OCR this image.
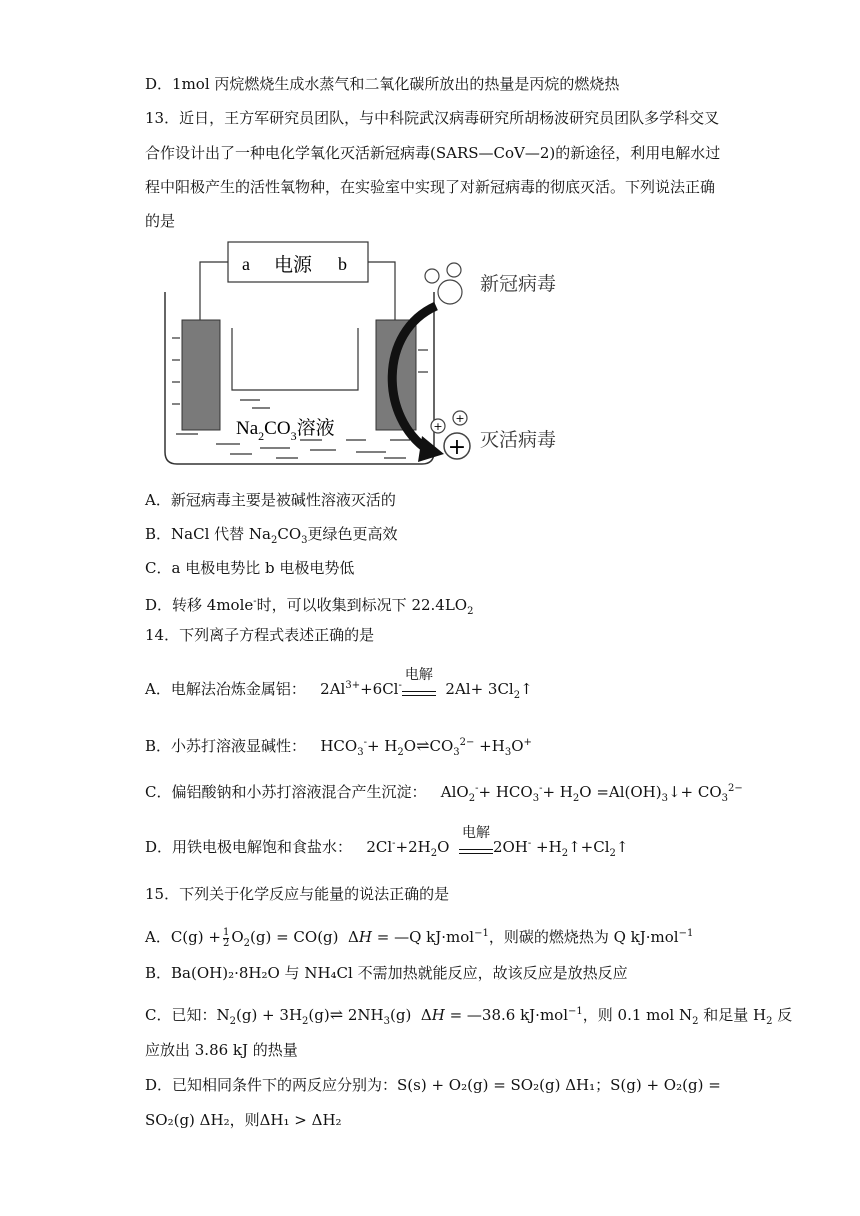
D．1mol 丙烷燃烧生成水蒸气和二氧化碳所放出的热量是丙烷的燃烧热
13．近日，王方军研究员团队，与中科院武汉病毒研究所胡杨波研究员团队多学科交叉
合作设计出了一种电化学氧化灭活新冠病毒(SARS—CoV—2)的新途径，利用电解水过
程中阳极产生的活性氧物种，在实验室中实现了对新冠病毒的彻底灭活。下列说法正确
的是
a 电源 b
$Na_2CO_3$溶液
新冠病毒
+
+
+ 灭活病毒
A．新冠病毒主要是被碱性溶液灭活的
B．NaCl 代替 $Na_2CO_3$更绿色更高效
C．a 电极电势比 b 电极电势低
D．转移 4mole-时，可以收集到标况下 $22.4LO_2$
14．下列离子方程式表述正确的是
A．电解法冶炼金属铝：   $2Al^{3+}+6Cl^-$
电解
$2Al+ 3Cl_2↑$
B．小苏打溶液显碱性：   $HCO_3^-+$ $H_2O\rightleftharpoons CO_3^{2-} +H_3O^+$
C．偏铝酸钠和小苏打溶液混合产生沉淀：   $AlO_2^-+ HCO_3^-+ H_2O$ $=Al(OH)_3↓+ CO_3^{2-}$
D．用铁电极电解饱和食盐水：   $2Cl^-+2H_2O$
电解
$2OH^- +H_2↑+Cl_2↑$
15．下列关于化学反应与能量的说法正确的是
A．$C(g) + \frac{1}{2} O_2(g) = CO(g) \Delta H$ = —Q kJ·mol$^{-1}$，则碳的燃烧热为 Q kJ·mol$^{-1}$
B．Ba(OH)₂·8H₂O 与 NH₄Cl 不需加热就能反应，故该反应是放热反应
C．已知：$N_2(g)$ + $3H_2(g)\rightleftharpoons$ $2NH_3(g) \Delta H$ = —38.6 kJ·mol$^{-1}$，则 0.1 mol $N_2$ 和足量 $H_2$ 反
应放出 3.86 kJ 的热量
D．已知相同条件下的两反应分别为：S(s) + O₂(g) = SO₂(g) ΔH₁；S(g) + O₂(g) =
SO₂(g) ΔH₂，则ΔH₁ > ΔH₂
